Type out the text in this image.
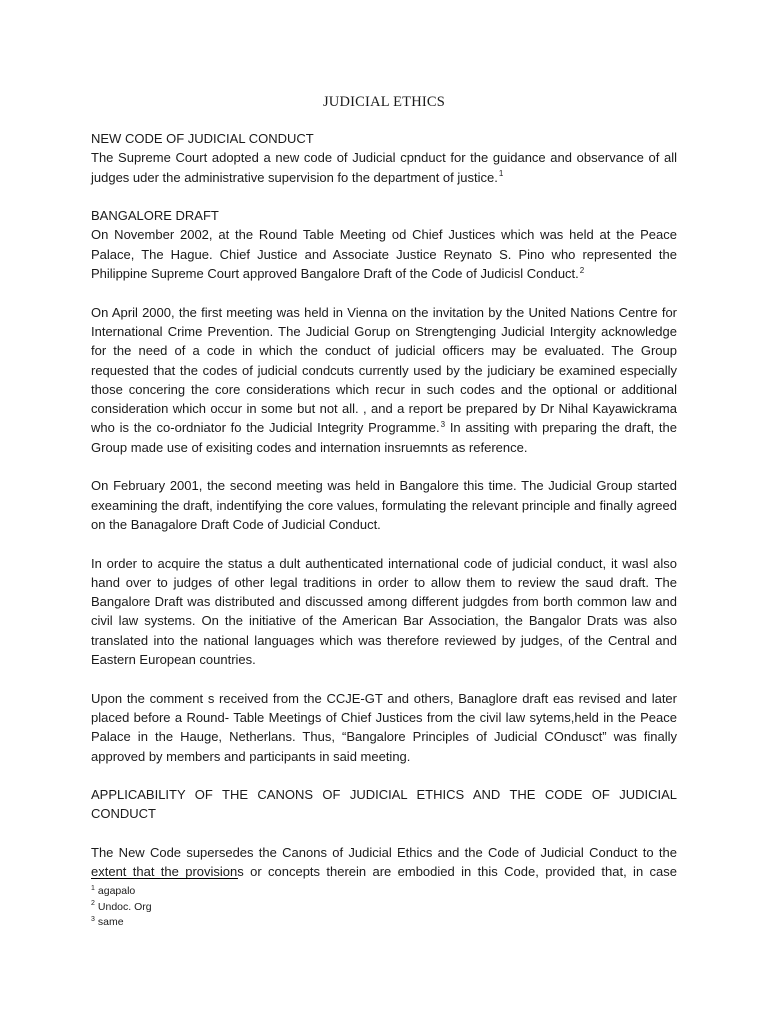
JUDICIAL ETHICS

NEW CODE OF JUDICIAL CONDUCT
The Supreme Court adopted a new code of Judicial cpnduct for the guidance and observance of all judges uder the administrative supervision fo the department of justice.$^1$

BANGALORE DRAFT
On November 2002, at the Round Table Meeting od Chief Justices which was held at the Peace Palace, The Hague. Chief Justice and Associate Justice Reynato S. Pino who represented the Philippine Supreme Court approved Bangalore Draft of the Code of Judicisl Conduct.$^2$

On April 2000, the first meeting was held in Vienna on the invitation by the United Nations Centre for International Crime Prevention. The Judicial Gorup on Strengtenging Judicial Intergity acknowledge for the need of a code in which the conduct of judicial officers may be evaluated. The Group requested that the codes of judicial condcuts currently used by the judiciary be examined especially those concering the core considerations which recur in such codes and the optional or additional consideration which occur in some but not all. , and a report be prepared by Dr Nihal Kayawickrama who is the co-ordniator fo the Judicial Integrity Programme.$^3$ In assiting with preparing the draft, the Group made use of exisiting codes and internation insruemnts as reference.

On February 2001, the second meeting was held in Bangalore this time. The Judicial Group started exeamining the draft, indentifying the core values, formulating the relevant principle and finally agreed on the Banagalore Draft Code of Judicial Conduct.

In order to acquire the status a dult authenticated international code of judicial conduct, it wasl also hand over to judges of other legal traditions in order to allow them to review the saud draft. The Bangalore Draft was distributed and discussed among different judgdes from borth common law and civil law systems. On the initiative of the American Bar Association, the Bangalor Drats was also translated into the national languages which was therefore reviewed by judges, of the Central and Eastern European countries.

Upon the comment s received from the CCJE-GT and others, Banaglore draft eas revised and later placed before a Round- Table Meetings of Chief Justices from the civil law sytems,held in the Peace Palace in the Hauge, Netherlans. Thus, “Bangalore Principles of Judicial COndusct” was finally approved by members and participants in said meeting.

APPLICABILITY OF THE CANONS OF JUDICIAL ETHICS AND THE CODE OF JUDICIAL CONDUCT

The New Code supersedes the Canons of Judicial Ethics and the Code of Judicial Conduct to the extent that the provisions or concepts therein are embodied in this Code, provided that, in case

$^1$ agapalo
$^2$ Undoc. Org
$^3$ same
